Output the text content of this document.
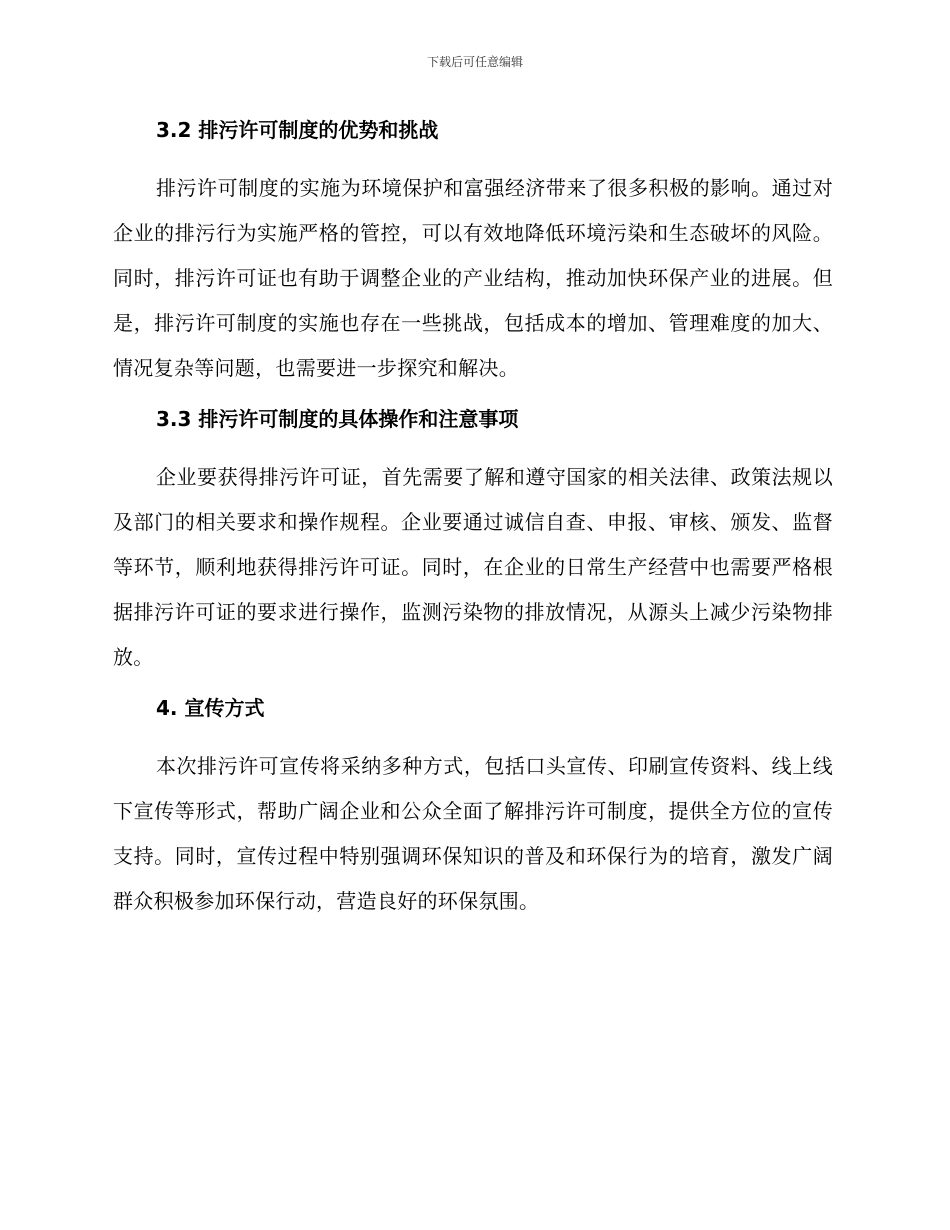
下载后可任意编辑
3.2 排污许可制度的优势和挑战

排污许可制度的实施为环境保护和富强经济带来了很多积极的影响。通过对企业的排污行为实施严格的管控，可以有效地降低环境污染和生态破坏的风险。同时，排污许可证也有助于调整企业的产业结构，推动加快环保产业的进展。但是，排污许可制度的实施也存在一些挑战，包括成本的增加、管理难度的加大、情况复杂等问题，也需要进一步探究和解决。

3.3 排污许可制度的具体操作和注意事项

企业要获得排污许可证，首先需要了解和遵守国家的相关法律、政策法规以及部门的相关要求和操作规程。企业要通过诚信自查、申报、审核、颁发、监督等环节，顺利地获得排污许可证。同时，在企业的日常生产经营中也需要严格根据排污许可证的要求进行操作，监测污染物的排放情况，从源头上减少污染物排放。

4. 宣传方式

本次排污许可宣传将采纳多种方式，包括口头宣传、印刷宣传资料、线上线下宣传等形式，帮助广阔企业和公众全面了解排污许可制度，提供全方位的宣传支持。同时，宣传过程中特别强调环保知识的普及和环保行为的培育，激发广阔群众积极参加环保行动，营造良好的环保氛围。
